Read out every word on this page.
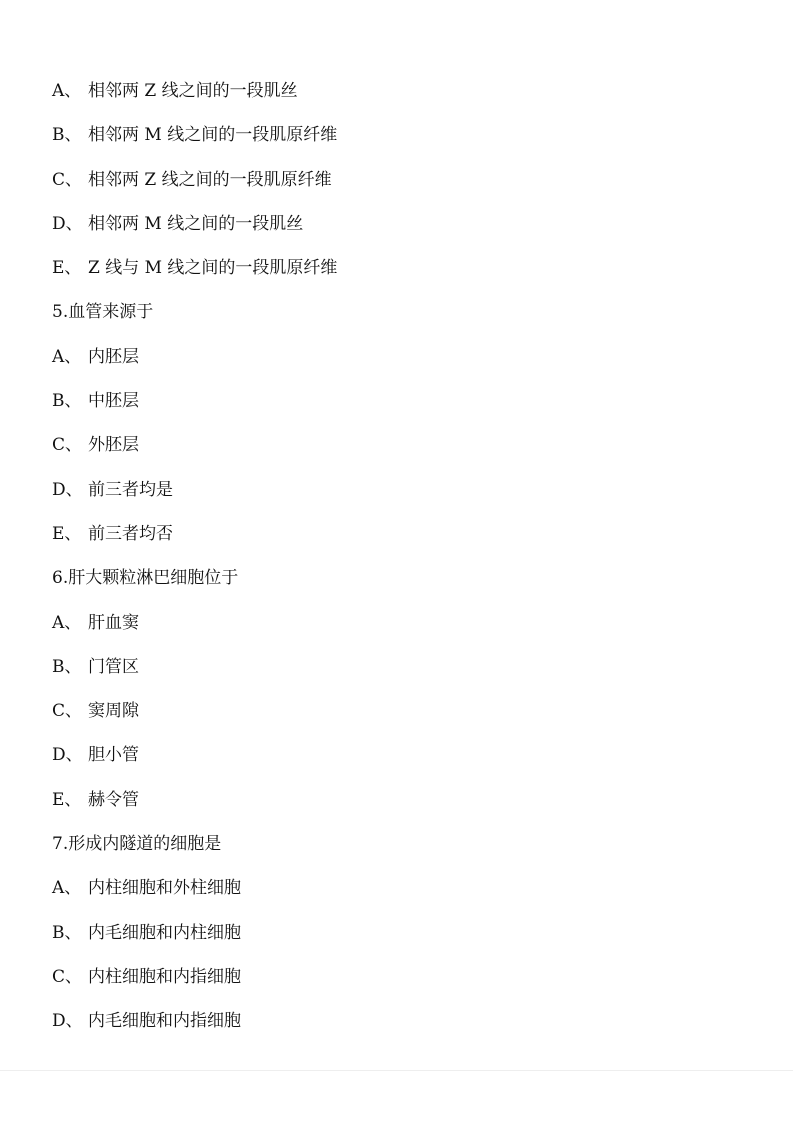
A、 相邻两 Z 线之间的一段肌丝
B、 相邻两 M 线之间的一段肌原纤维
C、 相邻两 Z 线之间的一段肌原纤维
D、 相邻两 M 线之间的一段肌丝
E、 Z 线与 M 线之间的一段肌原纤维
5.血管来源于
A、 内胚层
B、 中胚层
C、 外胚层
D、 前三者均是
E、 前三者均否
6.肝大颗粒淋巴细胞位于
A、 肝血窦
B、 门管区
C、 窦周隙
D、 胆小管
E、 赫令管
7.形成内隧道的细胞是
A、 内柱细胞和外柱细胞
B、 内毛细胞和内柱细胞
C、 内柱细胞和内指细胞
D、 内毛细胞和内指细胞
